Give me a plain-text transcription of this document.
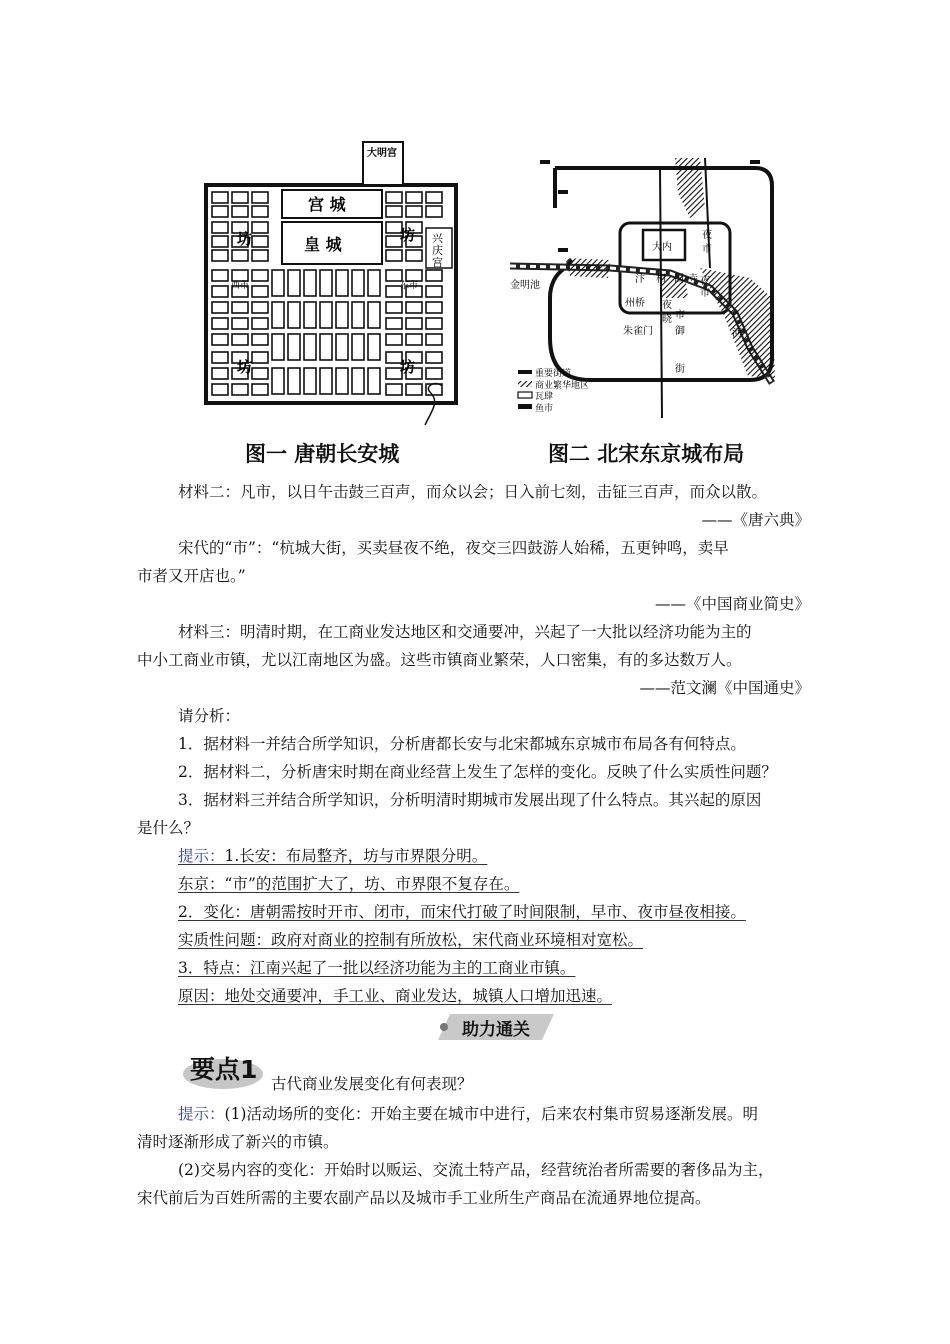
大明宫
宫 城
皇 城
坊	坊
坊	坊
西市	东市
兴
庆
宫
图一 唐朝长安城
大内
夜
市
汴 相 国 寺 夜
市
金明池
州桥 夜
晓
朱雀门
市
御
街
河
重要街道
商业繁华地区
瓦肆
鱼市
图二 北宋东京城布局
材料二：凡市，以日午击鼓三百声，而众以会；日入前七刻，击钲三百声，而众以散。
——《唐六典》
宋代的“市”：“杭城大街，买卖昼夜不绝，夜交三四鼓游人始稀，五更钟鸣，卖早
市者又开店也。”
——《中国商业简史》
材料三：明清时期，在工商业发达地区和交通要冲，兴起了一大批以经济功能为主的
中小工商业市镇，尤以江南地区为盛。这些市镇商业繁荣，人口密集，有的多达数万人。
——范文澜《中国通史》
请分析：
1．据材料一并结合所学知识，分析唐都长安与北宋都城东京城市布局各有何特点。
2．据材料二，分析唐宋时期在商业经营上发生了怎样的变化。反映了什么实质性问题？
3．据材料三并结合所学知识，分析明清时期城市发展出现了什么特点。其兴起的原因
是什么？
提示：1.长安：布局整齐，坊与市界限分明。
东京：“市”的范围扩大了，坊、市界限不复存在。
2．变化：唐朝需按时开市、闭市，而宋代打破了时间限制，早市、夜市昼夜相接。
实质性问题：政府对商业的控制有所放松，宋代商业环境相对宽松。
3．特点：江南兴起了一批以经济功能为主的工商业市镇。
原因：地处交通要冲，手工业、商业发达，城镇人口增加迅速。
助力通关
要点1 古代商业发展变化有何表现？
提示：(1)活动场所的变化：开始主要在城市中进行，后来农村集市贸易逐渐发展。明
清时逐渐形成了新兴的市镇。
(2)交易内容的变化：开始时以贩运、交流土特产品，经营统治者所需要的奢侈品为主，
宋代前后为百姓所需的主要农副产品以及城市手工业所生产商品在流通界地位提高。
